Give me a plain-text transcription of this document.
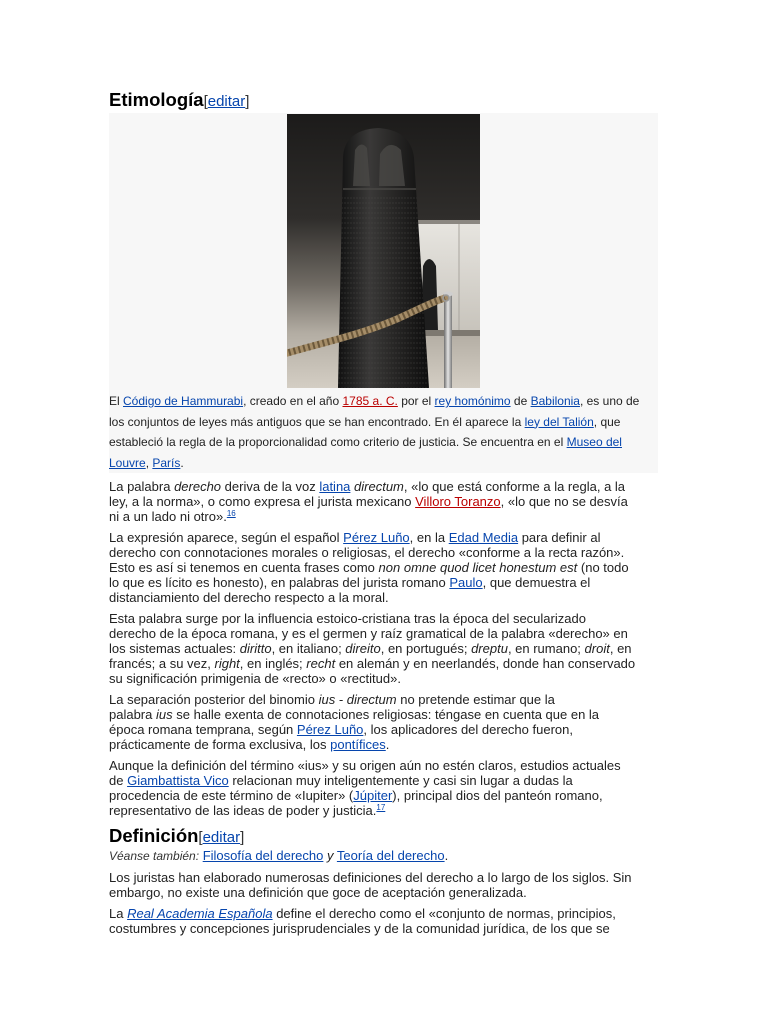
Etimología[editar]
El Código de Hammurabi, creado en el año 1785 a. C. por el rey homónimo de Babilonia, es uno de
los conjuntos de leyes más antiguos que se han encontrado. En él aparece la ley del Talión, que
estableció la regla de la proporcionalidad como criterio de justicia. Se encuentra en el Museo del
Louvre, París.
La palabra derecho deriva de la voz latina directum, «lo que está conforme a la regla, a la
ley, a la norma», o como expresa el jurista mexicano Villoro Toranzo, «lo que no se desvía
ni a un lado ni otro».$^{16}$
La expresión aparece, según el español Pérez Luño, en la Edad Media para definir al
derecho con connotaciones morales o religiosas, el derecho «conforme a la recta razón».
Esto es así si tenemos en cuenta frases como non omne quod licet honestum est (no todo
lo que es lícito es honesto), en palabras del jurista romano Paulo, que demuestra el
distanciamiento del derecho respecto a la moral.
Esta palabra surge por la influencia estoico-cristiana tras la época del secularizado
derecho de la época romana, y es el germen y raíz gramatical de la palabra «derecho» en
los sistemas actuales: diritto, en italiano; direito, en portugués; dreptu, en rumano; droit, en
francés; a su vez, right, en inglés; recht en alemán y en neerlandés, donde han conservado
su significación primigenia de «recto» o «rectitud».
La separación posterior del binomio ius - directum no pretende estimar que la
palabra ius se halle exenta de connotaciones religiosas: téngase en cuenta que en la
época romana temprana, según Pérez Luño, los aplicadores del derecho fueron,
prácticamente de forma exclusiva, los pontífices.
Aunque la definición del término «ius» y su origen aún no estén claros, estudios actuales
de Giambattista Vico relacionan muy inteligentemente y casi sin lugar a dudas la
procedencia de este término de «Iupiter» (Júpiter), principal dios del panteón romano,
representativo de las ideas de poder y justicia.$^{17}$
Definición[editar]
Véanse también: Filosofía del derecho y Teoría del derecho.
Los juristas han elaborado numerosas definiciones del derecho a lo largo de los siglos. Sin
embargo, no existe una definición que goce de aceptación generalizada.
La Real Academia Española define el derecho como el «conjunto de normas, principios,
costumbres y concepciones jurisprudenciales y de la comunidad jurídica, de los que se
